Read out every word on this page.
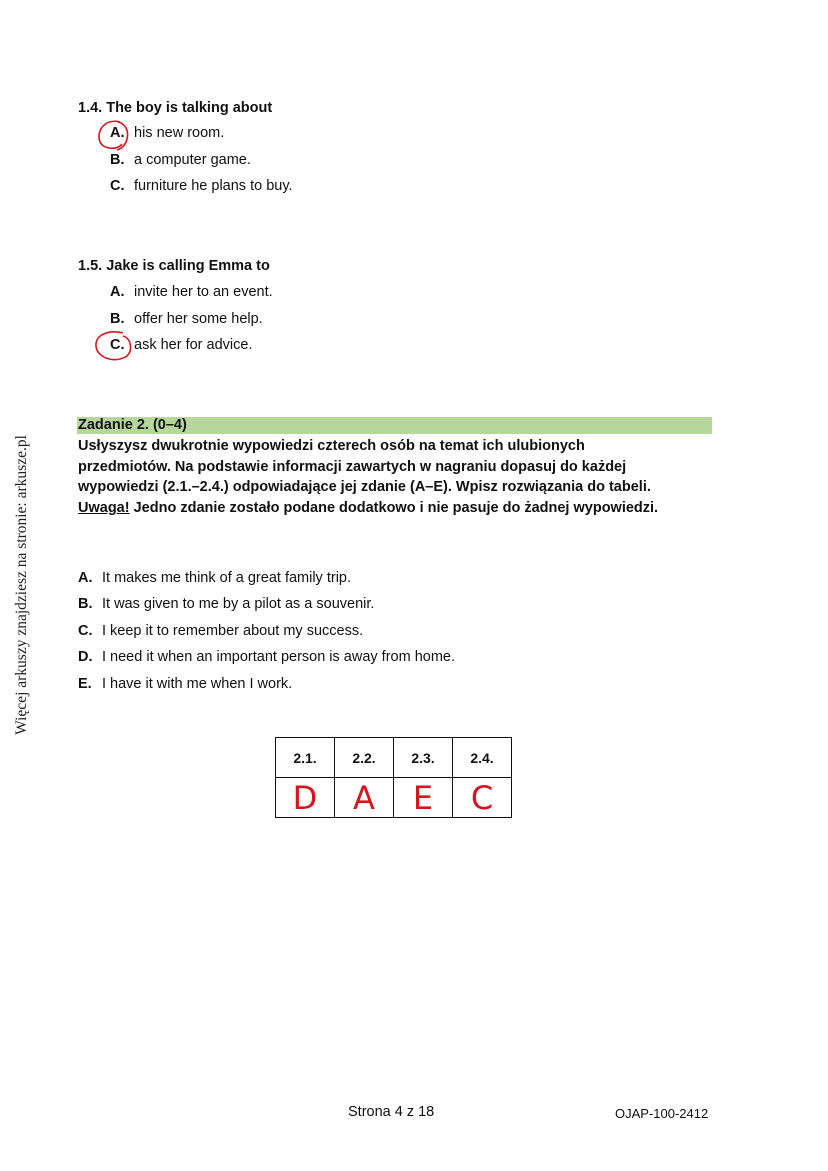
Więcej arkuszy znajdziesz na stronie: arkusze.pl
1.4. The boy is talking about
A. his new room.
B. a computer game.
C. furniture he plans to buy.
1.5. Jake is calling Emma to
A. invite her to an event.
B. offer her some help.
C. ask her for advice.
Zadanie 2. (0–4)
Usłyszysz dwukrotnie wypowiedzi czterech osób na temat ich ulubionych
przedmiotów. Na podstawie informacji zawartych w nagraniu dopasuj do każdej
wypowiedzi (2.1.–2.4.) odpowiadające jej zdanie (A–E). Wpisz rozwiązania do tabeli.
Uwaga! Jedno zdanie zostało podane dodatkowo i nie pasuje do żadnej wypowiedzi.
A. It makes me think of a great family trip.
B. It was given to me by a pilot as a souvenir.
C. I keep it to remember about my success.
D. I need it when an important person is away from home.
E. I have it with me when I work.
2.1.	2.2.	2.3.	2.4.
D	A	E	C
Strona 4 z 18	OJAP-100-2412
